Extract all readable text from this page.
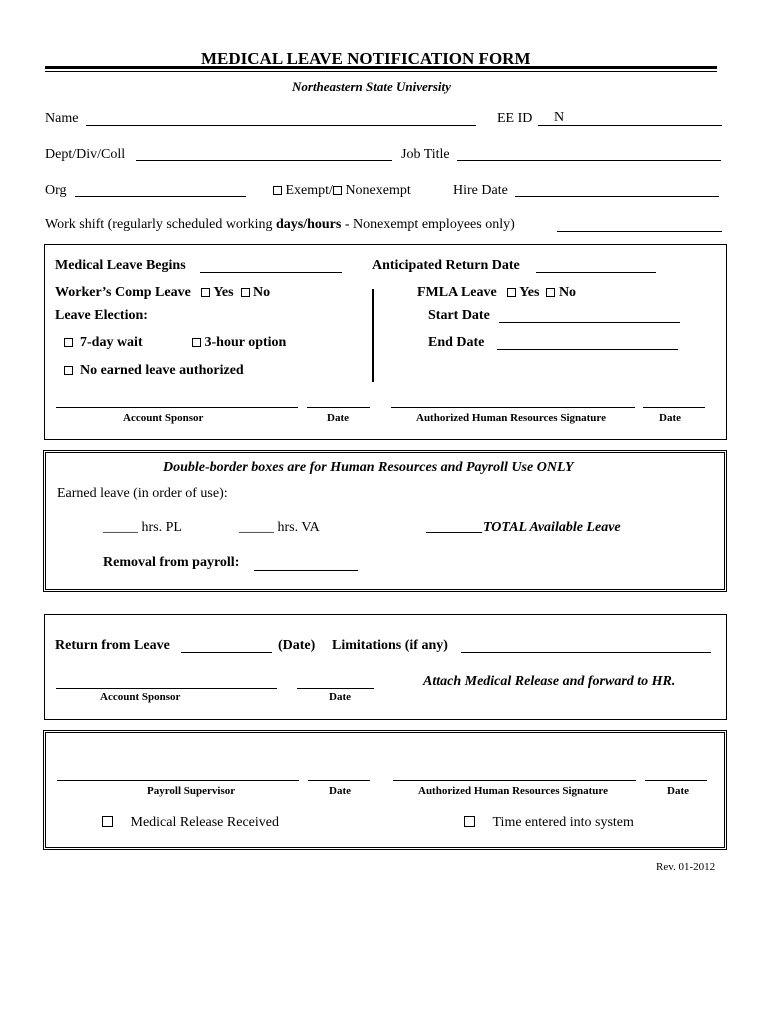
MEDICAL LEAVE NOTIFICATION FORM
Northeastern State University
Name	EE ID N
Dept/Div/Coll	Job Title
Org	Exempt/ Nonexempt	Hire Date
Work shift (regularly scheduled working days/hours - Nonexempt employees only)
Medical Leave Begins	Anticipated Return Date
Worker’s Comp Leave Yes No	FMLA Leave Yes No
Leave Election:	Start Date
7-day wait	3-hour option	End Date
No earned leave authorized
Account Sponsor	Date	Authorized Human Resources Signature	Date
Double-border boxes are for Human Resources and Payroll Use ONLY
Earned leave (in order of use):
_____ hrs. PL	_____ hrs. VA	________TOTAL Available Leave
Removal from payroll:
Return from Leave	(Date) Limitations (if any)
Attach Medical Release and forward to HR.
Account Sponsor	Date
Payroll Supervisor	Date	Authorized Human Resources Signature	Date
Medical Release Received	Time entered into system
Rev. 01-2012
